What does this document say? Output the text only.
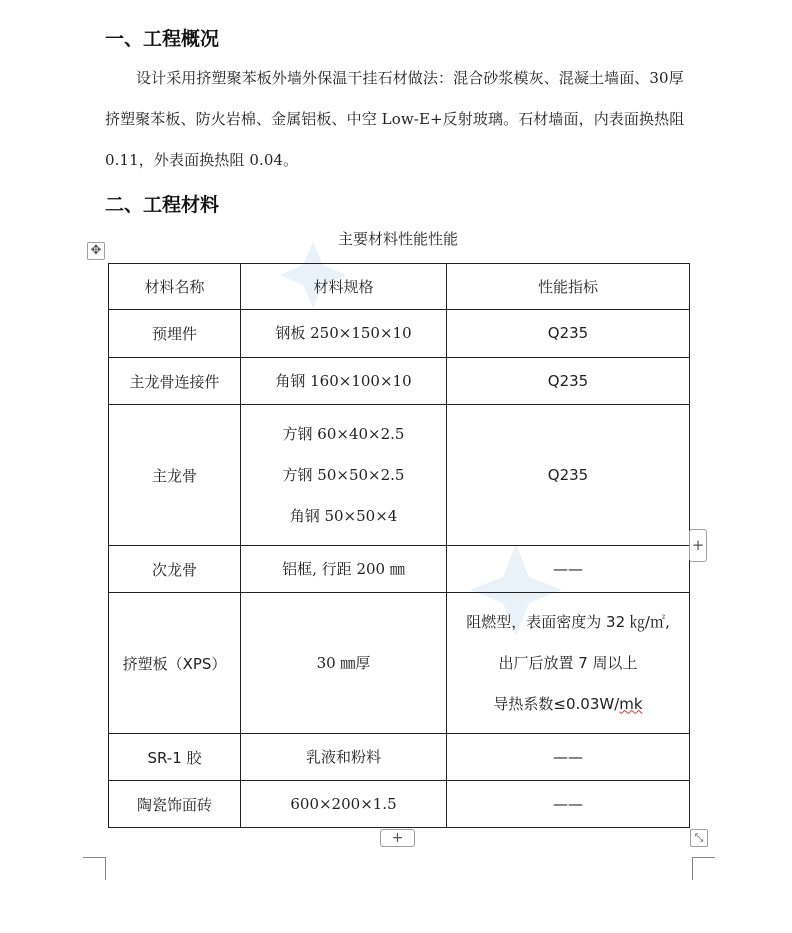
一、工程概况

设计采用挤塑聚苯板外墙外保温干挂石材做法：混合砂浆模灰、混凝土墙面、30厚挤塑聚苯板、防火岩棉、金属铝板、中空 Low-E+反射玻璃。石材墙面，内表面换热阻 0.11，外表面换热阻 0.04。

二、工程材料
主要材料性能性能
✥
材料名称	材料规格	性能指标
预埋件	钢板 250×150×10	Q235

主龙骨连接件	角钢 160×100×10	Q235

主龙骨	方钢 60×40×2.5
方钢 50×50×2.5
角钢 50×50×4	Q235

次龙骨	铝框, 行距 200 ㎜	——

挤塑板（XPS）	30 ㎜厚	阻燃型，表面密度为 32 ㎏/㎡,
出厂后放置 7 周以上
导热系数≤0.03W/mk

SR-1 胶	乳液和粉料	——

陶瓷饰面砖	600×200×1.5	——
+
+	⤡
